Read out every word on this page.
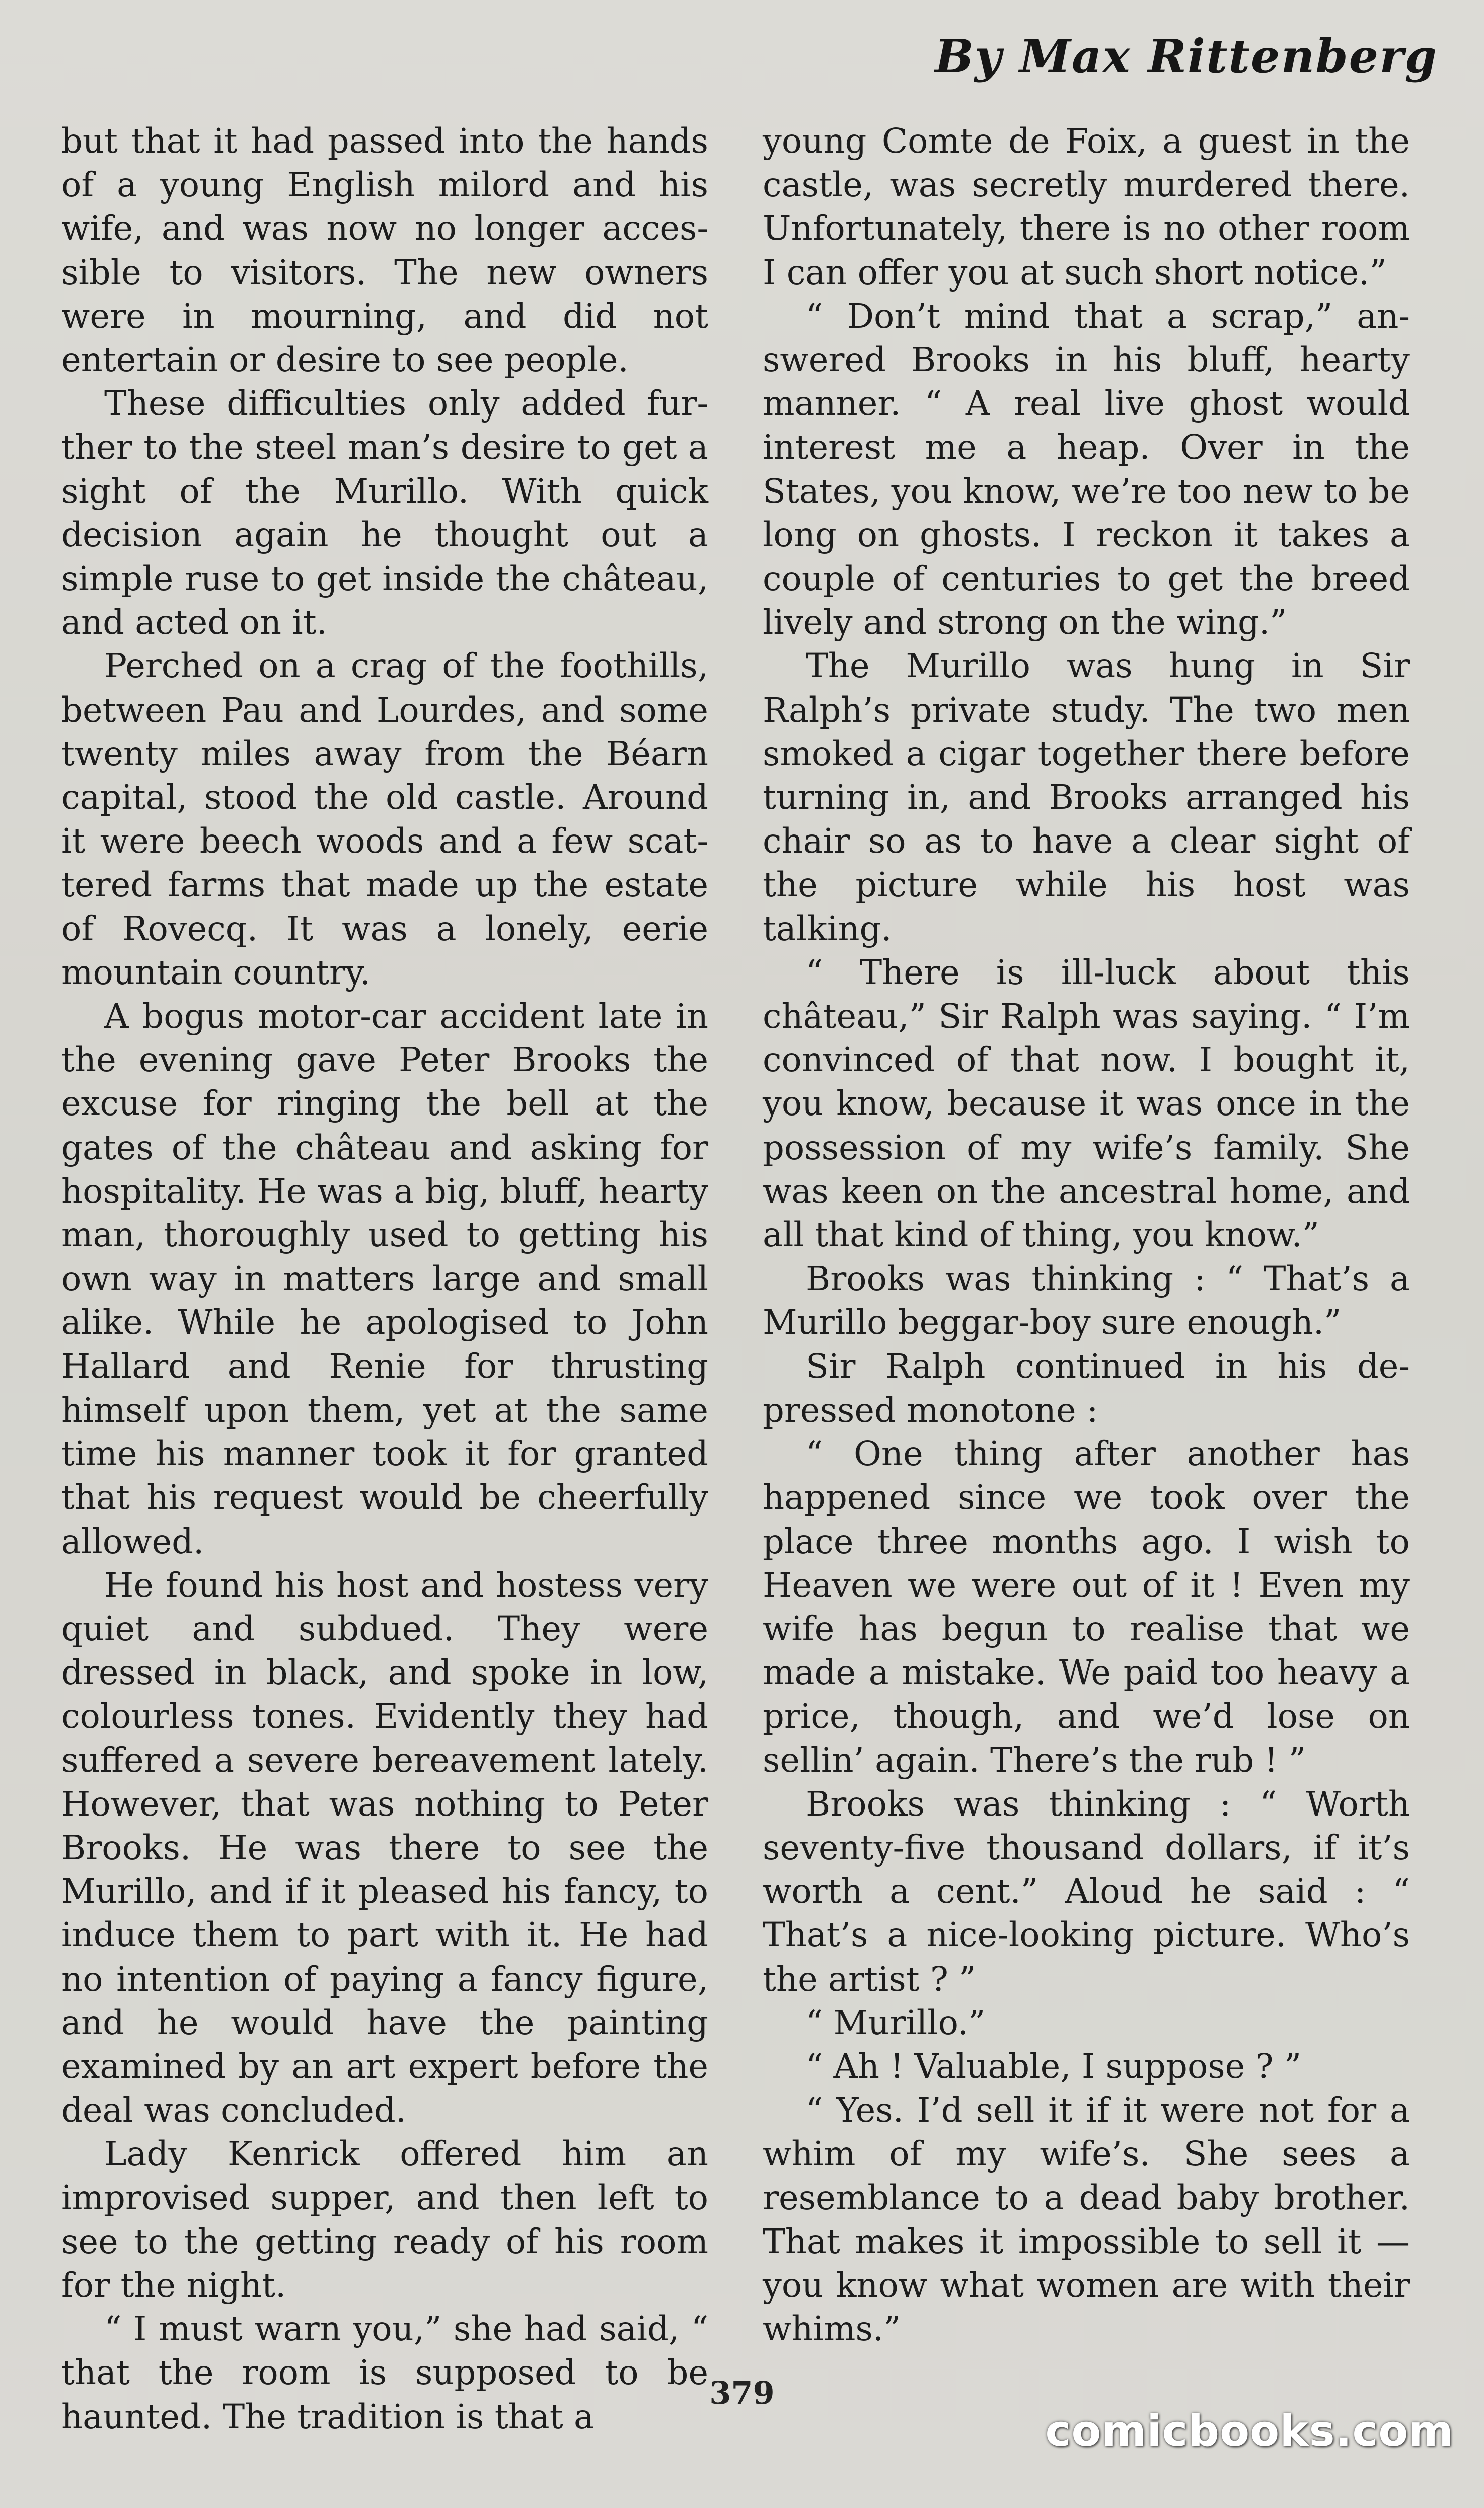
By Max Rittenberg

but that it had passed into the hands of a young English milord and his wife, and was now no longer accessible to visitors. The new owners were in mourning, and did not entertain or desire to see people.

These difficulties only added further to the steel man’s desire to get a sight of the Murillo. With quick decision again he thought out a simple ruse to get inside the château, and acted on it.

Perched on a crag of the foothills, between Pau and Lourdes, and some twenty miles away from the Béarn capital, stood the old castle. Around it were beech woods and a few scattered farms that made up the estate of Rovecq. It was a lonely, eerie mountain country.

A bogus motor-car accident late in the evening gave Peter Brooks the excuse for ringing the bell at the gates of the château and asking for hospitality. He was a big, bluff, hearty man, thoroughly used to getting his own way in matters large and small alike. While he apologised to John Hallard and Renie for thrusting himself upon them, yet at the same time his manner took it for granted that his request would be cheerfully allowed.

He found his host and hostess very quiet and subdued. They were dressed in black, and spoke in low, colourless tones. Evidently they had suffered a severe bereavement lately. However, that was nothing to Peter Brooks. He was there to see the Murillo, and if it pleased his fancy, to induce them to part with it. He had no intention of paying a fancy figure, and he would have the painting examined by an art expert before the deal was concluded.

Lady Kenrick offered him an improvised supper, and then left to see to the getting ready of his room for the night.

“ I must warn you,” she had said, “ that the room is supposed to be haunted. The tradition is that a

young Comte de Foix, a guest in the castle, was secretly murdered there. Unfortunately, there is no other room I can offer you at such short notice.”

“ Don’t mind that a scrap,” answered Brooks in his bluff, hearty manner. “ A real live ghost would interest me a heap. Over in the States, you know, we’re too new to be long on ghosts. I reckon it takes a couple of centuries to get the breed lively and strong on the wing.”

The Murillo was hung in Sir Ralph’s private study. The two men smoked a cigar together there before turning in, and Brooks arranged his chair so as to have a clear sight of the picture while his host was talking.

“ There is ill-luck about this château,” Sir Ralph was saying. “ I’m convinced of that now. I bought it, you know, because it was once in the possession of my wife’s family. She was keen on the ancestral home, and all that kind of thing, you know.”

Brooks was thinking : “ That’s a Murillo beggar-boy sure enough.”

Sir Ralph continued in his depressed monotone :

“ One thing after another has happened since we took over the place three months ago. I wish to Heaven we were out of it ! Even my wife has begun to realise that we made a mistake. We paid too heavy a price, though, and we’d lose on sellin’ again. There’s the rub ! ”

Brooks was thinking : “ Worth seventy-five thousand dollars, if it’s worth a cent.” Aloud he said : “ That’s a nice-looking picture. Who’s the artist ? ”

“ Murillo.”

“ Ah ! Valuable, I suppose ? ”

“ Yes. I’d sell it if it were not for a whim of my wife’s. She sees a resemblance to a dead baby brother. That makes it impossible to sell it —you know what women are with their whims.”

379
comicbooks.com
